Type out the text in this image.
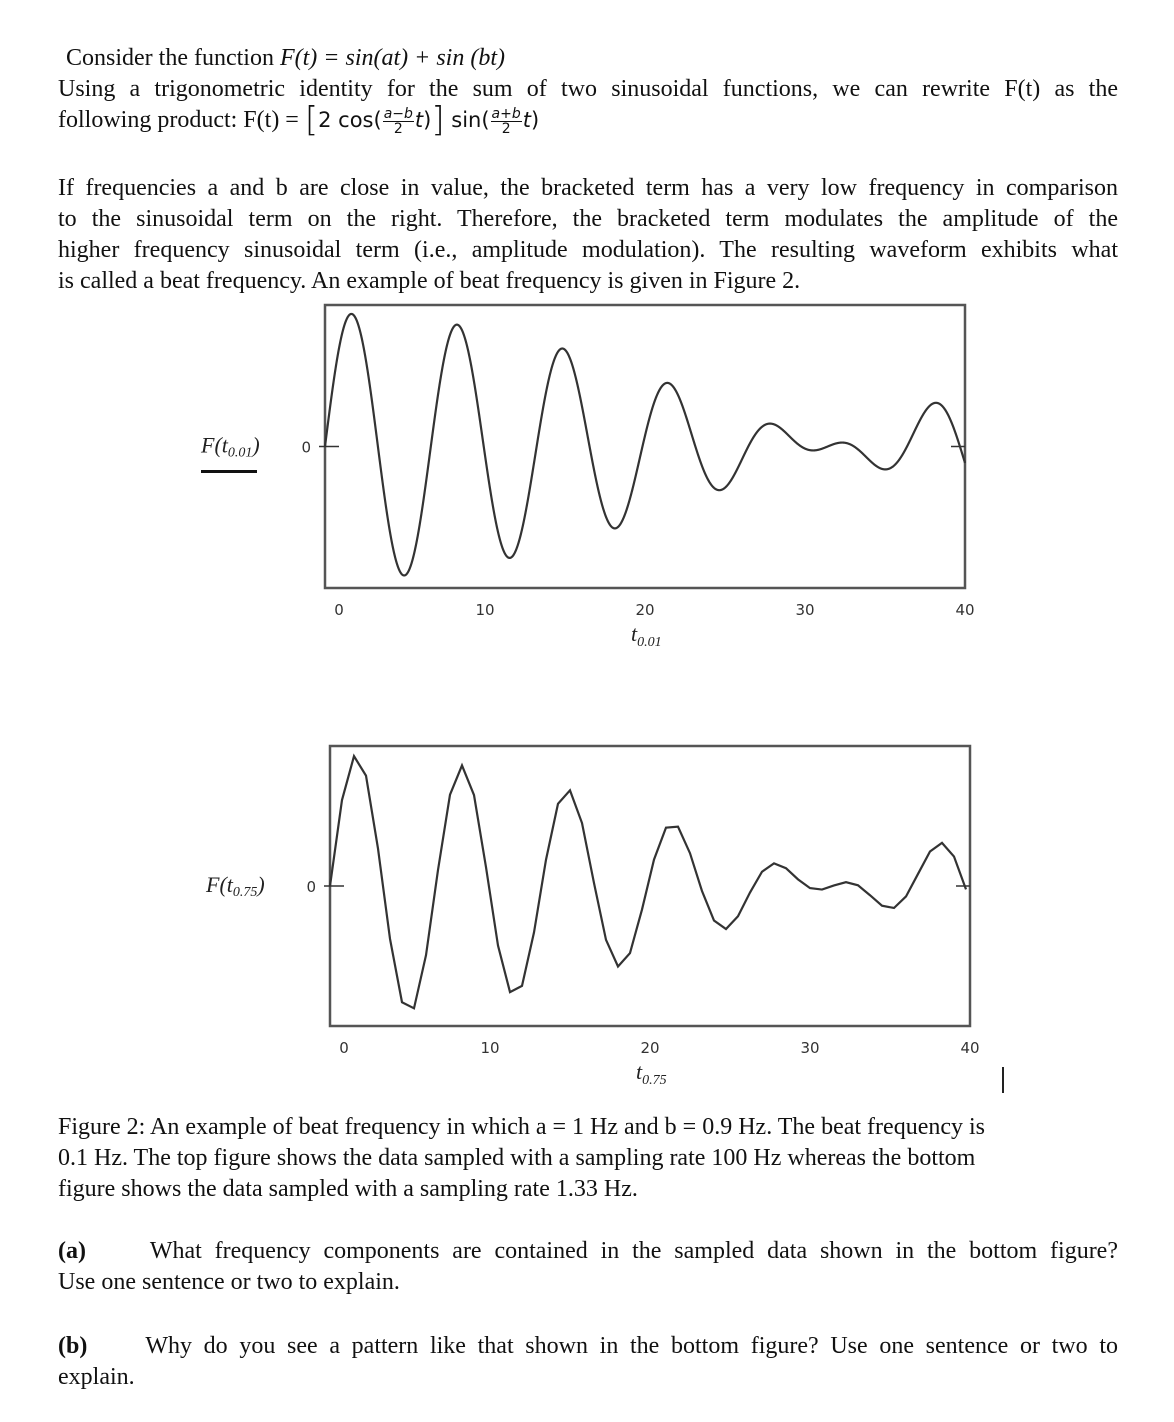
Consider the function F(t) = sin(at) + sin (bt)
Using a trigonometric identity for the sum of two sinusoidal functions, we can rewrite F(t) as the
following product: F(t) = [2 $\cos( \frac{a-b}{2} t)$] $\sin( \frac{a+b}{2} t)$
If frequencies a and b are close in value, the bracketed term has a very low frequency in comparison
to the sinusoidal term on the right. Therefore, the bracketed term modulates the amplitude of the
higher frequency sinusoidal term (i.e., amplitude modulation). The resulting waveform exhibits what
is called a beat frequency. An example of beat frequency is given in Figure 2.
F(t0.01)	0
0	10	20	30	40
$t_{0.01}$
F(t0.75)	0
0	10	20	30	40
$t_{0.75}$
Figure 2: An example of beat frequency in which a = 1 Hz and b = 0.9 Hz. The beat frequency is
0.1 Hz. The top figure shows the data sampled with a sampling rate 100 Hz whereas the bottom
figure shows the data sampled with a sampling rate 1.33 Hz.
(a)	What frequency components are contained in the sampled data shown in the bottom figure?
Use one sentence or two to explain.
(b) Why do you see a pattern like that shown in the bottom figure? Use one sentence or two to
explain.
